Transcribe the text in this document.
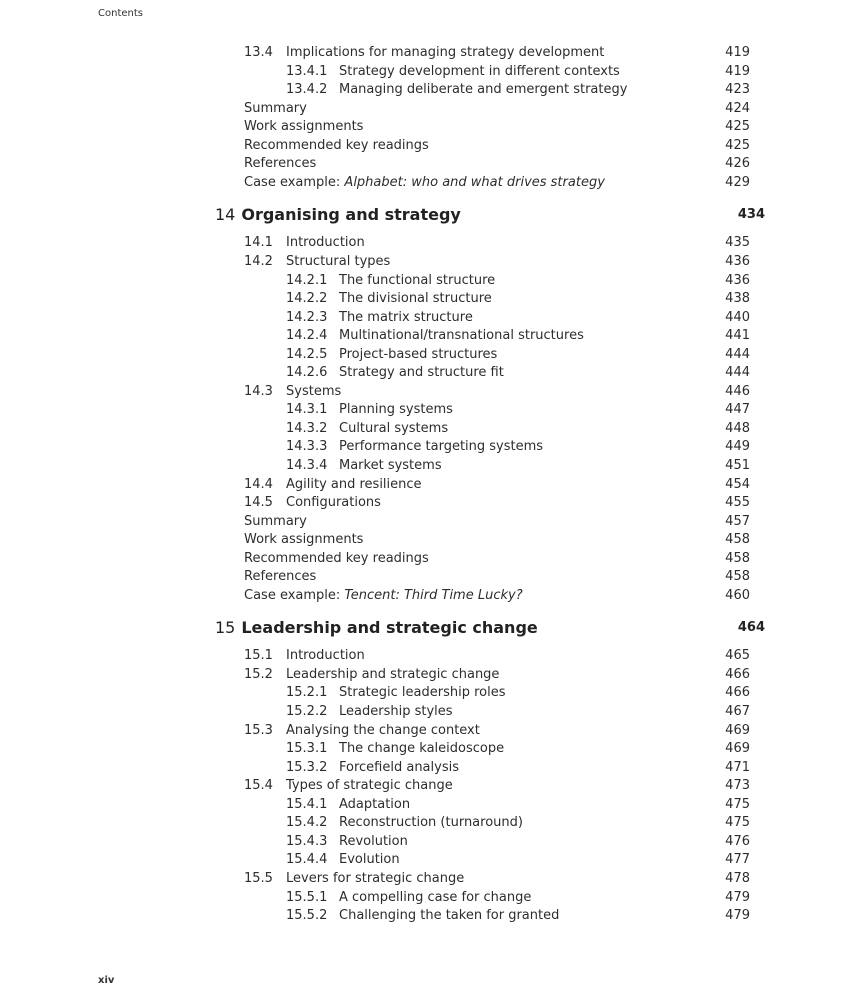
Contents
13.4 Implications for managing strategy development	419
13.4.1 Strategy development in different contexts	419
13.4.2 Managing deliberate and emergent strategy	423
Summary	424
Work assignments	425
Recommended key readings	425
References	426
Case example: Alphabet: who and what drives strategy	429
14 Organising and strategy	434
14.1 Introduction	435
14.2 Structural types	436
14.2.1 The functional structure	436
14.2.2 The divisional structure	438
14.2.3 The matrix structure	440
14.2.4 Multinational/transnational structures	441
14.2.5 Project-based structures	444
14.2.6 Strategy and structure fit	444
14.3 Systems	446
14.3.1 Planning systems	447
14.3.2 Cultural systems	448
14.3.3 Performance targeting systems	449
14.3.4 Market systems	451
14.4 Agility and resilience	454
14.5 Configurations	455
Summary	457
Work assignments	458
Recommended key readings	458
References	458
Case example: Tencent: Third Time Lucky?	460
15 Leadership and strategic change	464
15.1 Introduction	465
15.2 Leadership and strategic change	466
15.2.1 Strategic leadership roles	466
15.2.2 Leadership styles	467
15.3 Analysing the change context	469
15.3.1 The change kaleidoscope	469
15.3.2 Forcefield analysis	471
15.4 Types of strategic change	473
15.4.1 Adaptation	475
15.4.2 Reconstruction (turnaround)	475
15.4.3 Revolution	476
15.4.4 Evolution	477
15.5 Levers for strategic change	478
15.5.1 A compelling case for change	479
15.5.2 Challenging the taken for granted	479
xiv
